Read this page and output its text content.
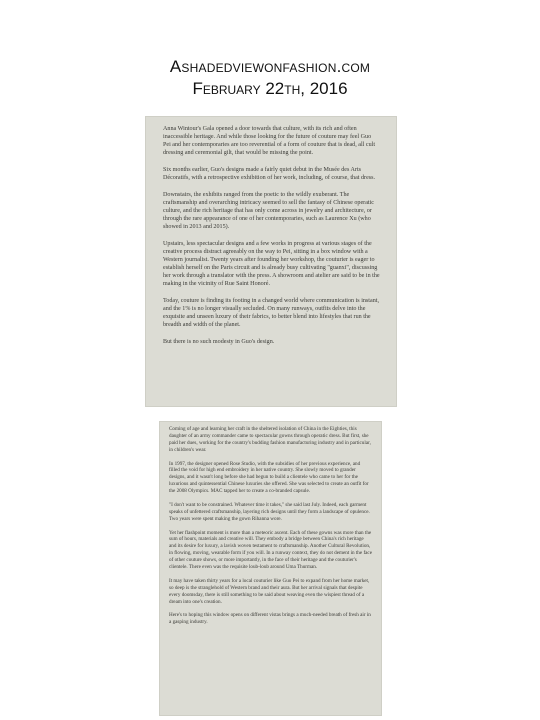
Ashadedviewonfashion.com
February 22th, 2016

Anna Wintour's Gala opened a door towards that culture, with its rich and often inaccessible heritage. And while those looking for the future of couture may feel Guo Pei and her contemporaries are too reverential of a form of couture that is dead, all cult dressing and ceremonial gilt, that would be missing the point.

Six months earlier, Guo's designs made a fairly quiet debut in the Musée des Arts Décoratifs, with a retrospective exhibition of her work, including, of course, that dress.

Downstairs, the exhibits ranged from the poetic to the wildly exuberant. The craftsmanship and overarching intricacy seemed to sell the fantasy of Chinese operatic culture, and the rich heritage that has only come across in jewelry and architecture, or through the rare appearance of one of her contemporaries, such as Laurence Xu (who showed in 2013 and 2015).

Upstairs, less spectacular designs and a few works in progress at various stages of the creative process distract agreeably on the way to Pei, sitting in a box window with a Western journalist. Twenty years after founding her workshop, the couturier is eager to establish herself on the Paris circuit and is already busy cultivating "guanxi", discussing her work through a translator with the press. A showroom and atelier are said to be in the making in the vicinity of Rue Saint Honoré.

Today, couture is finding its footing in a changed world where communication is instant, and the 1% is no longer visually secluded. On many runways, outfits delve into the exquisite and unseen luxury of their fabrics, to better blend into lifestyles that run the breadth and width of the planet.

But there is no such modesty in Guo's design.

Coming of age and learning her craft in the sheltered isolation of China in the Eighties, this daughter of an army commander came to spectacular gowns through operatic dress. But first, she paid her dues, working for the country's budding fashion manufacturing industry and in particular, in children's wear.

In 1997, the designer opened Rose Studio, with the subsidies of her previous experience, and filled the void for high end embroidery in her native country. She slowly moved to grander designs, and it wasn't long before she had begun to build a clientele who came to her for the luxurious and quintessential Chinese luxuries she offered. She was selected to create an outfit for the 2008 Olympics. MAC tapped her to create a co-branded capsule.

"I don't want to be constrained. Whatever time it takes," she said last July. Indeed, each garment speaks of unfettered craftsmanship, layering rich designs until they form a landscape of opulence. Two years were spent making the gown Rihanna wore.

Yet her flashpoint moment is more than a meteoric ascent. Each of these gowns was more than the sum of hours, materials and creative will. They embody a bridge between China's rich heritage and its desire for luxury, a lavish woven testament to craftsmanship. Another Cultural Revolution, in flowing, moving, wearable form if you will. In a runway context, they do not dement in the face of other couture shows, or more importantly, in the face of their heritage and the couturier's clientele. There even was the requisite loub-loub around Uma Thurman.

It may have taken thirty years for a local couturier like Guo Pei to expand from her home market, so deep is the stranglehold of Western brand and their aura. But her arrival signals that despite every doomsday, there is still something to be said about weaving even the wispiest thread of a dream into one's creation.

Here's to hoping this window opens on different vistas brings a much-needed breath of fresh air in a gasping industry.
